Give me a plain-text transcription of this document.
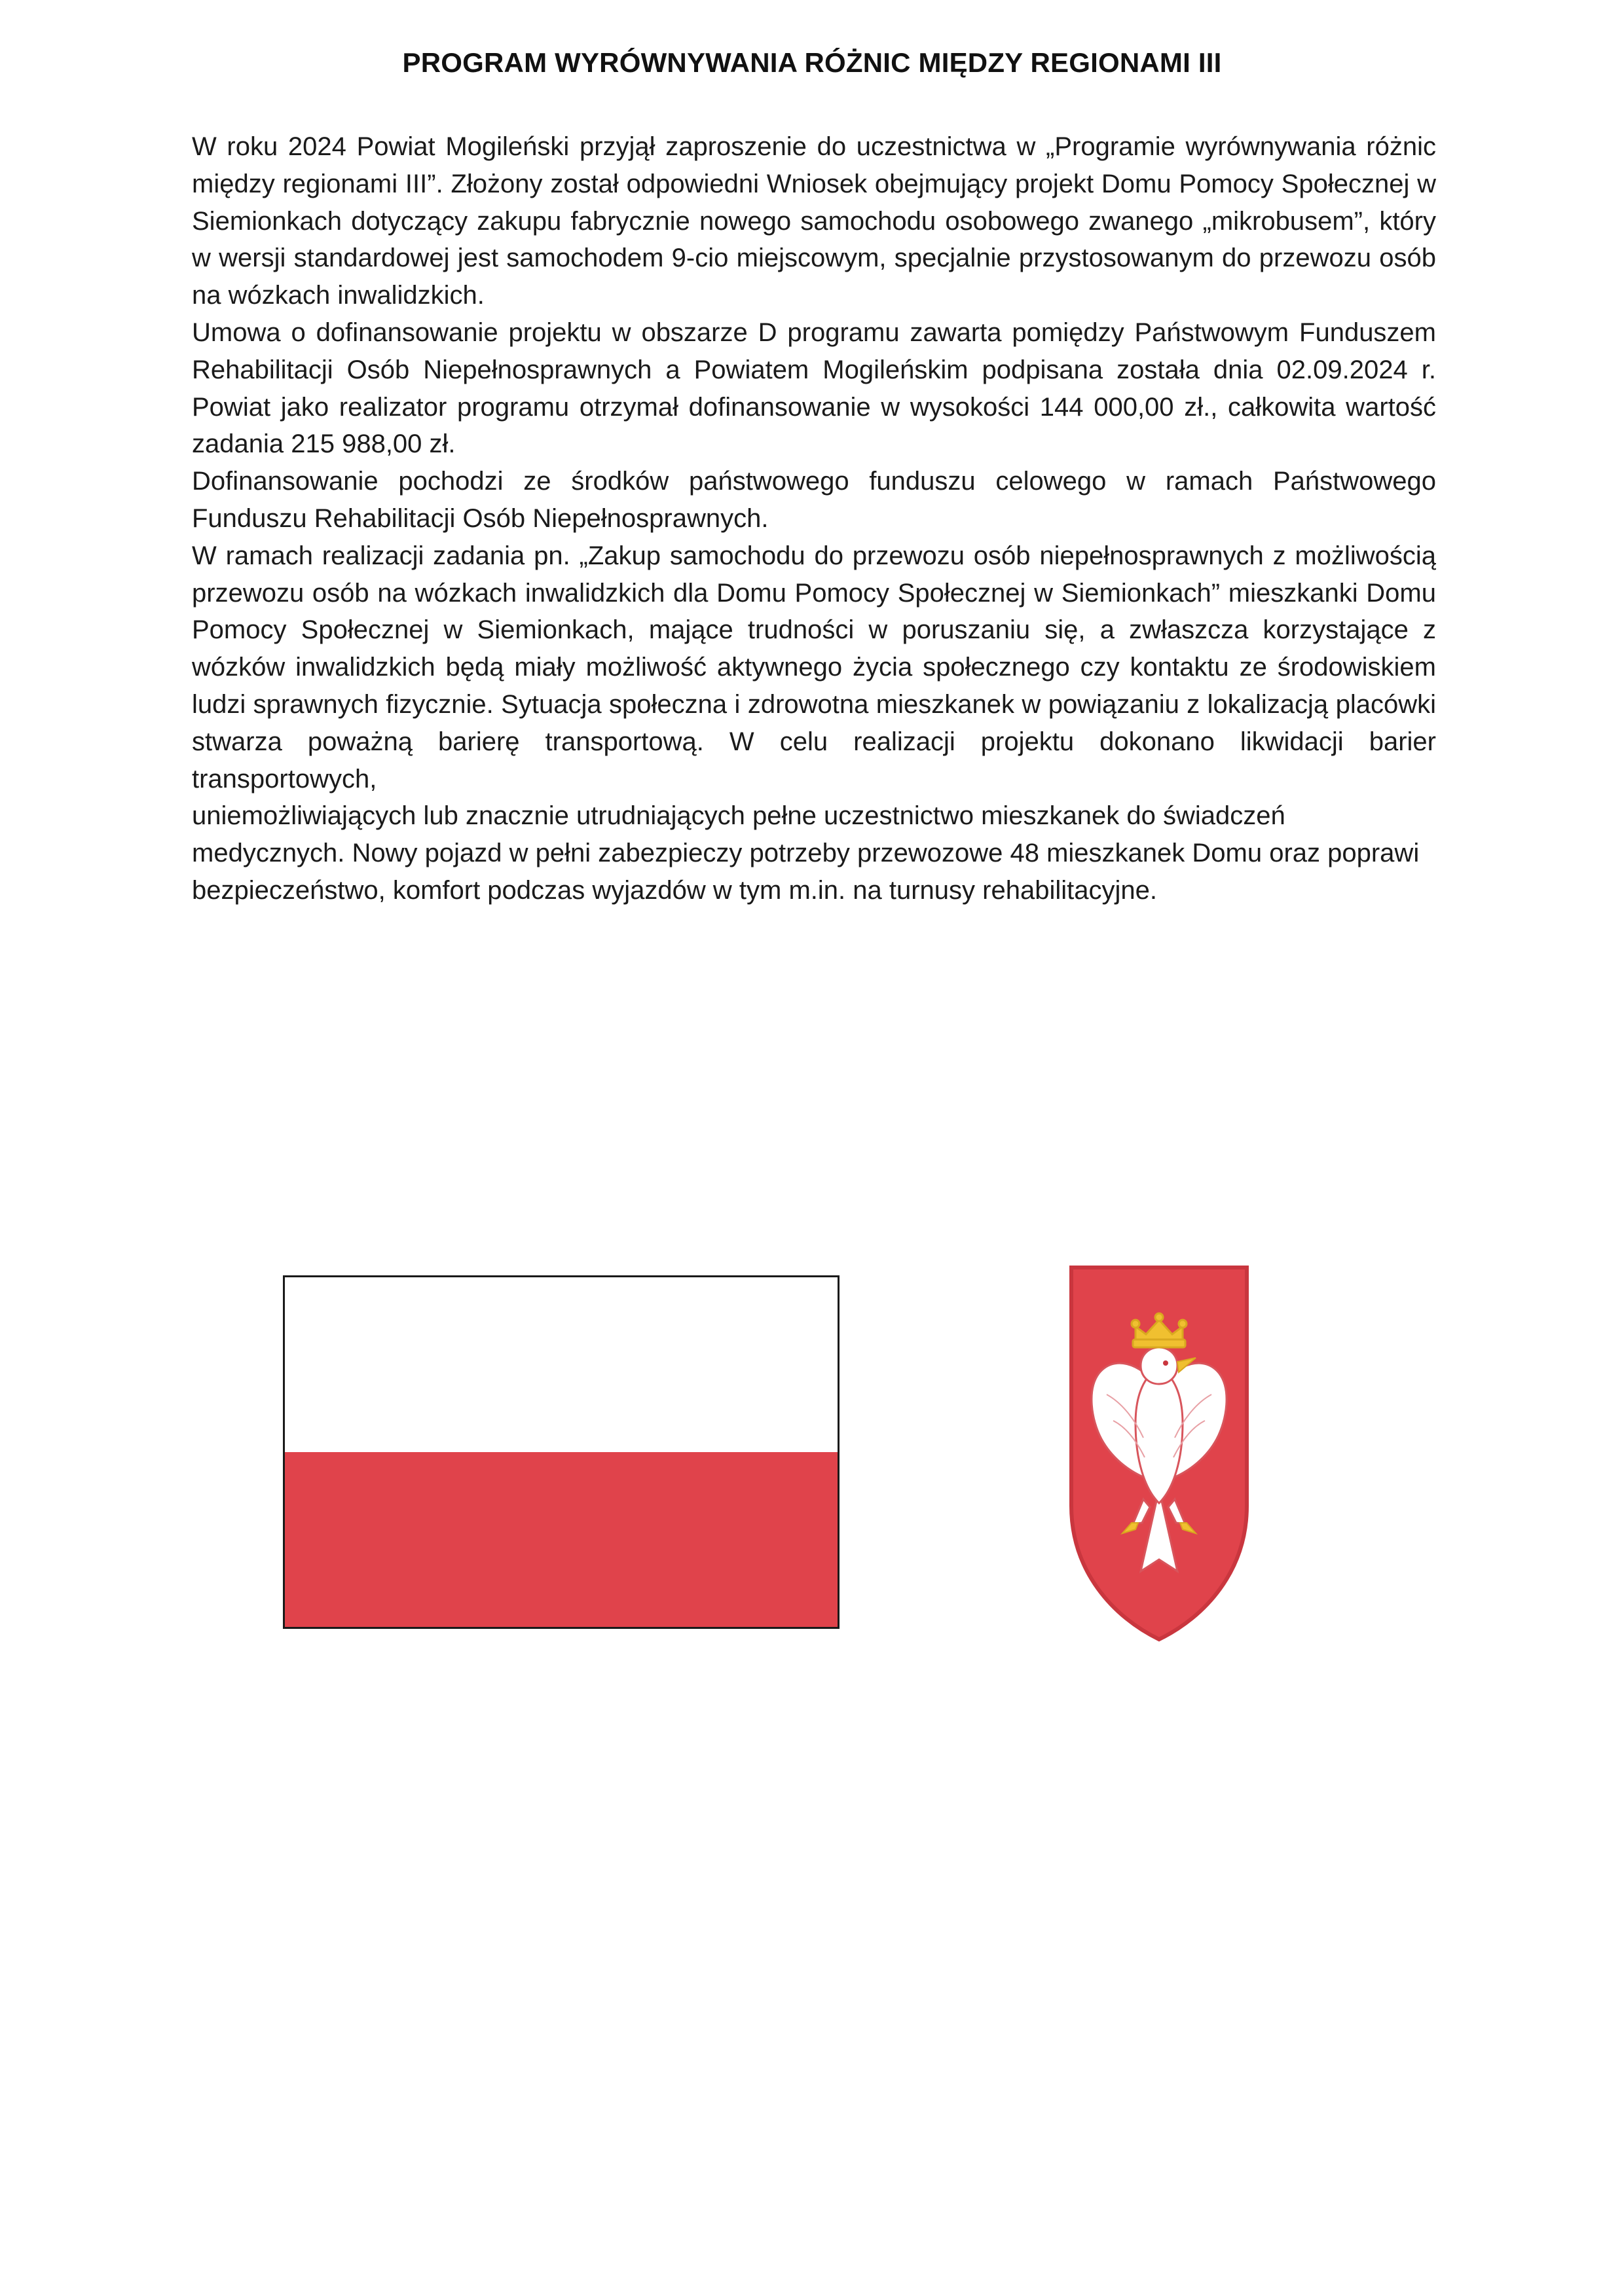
PROGRAM WYRÓWNYWANIA RÓŻNIC MIĘDZY REGIONAMI III

W roku 2024 Powiat Mogileński przyjął zaproszenie do uczestnictwa w „Programie wyrównywania różnic między regionami III”. Złożony został odpowiedni Wniosek obejmujący projekt Domu Pomocy Społecznej w Siemionkach dotyczący zakupu fabrycznie nowego samochodu osobowego zwanego „mikrobusem”, który w wersji standardowej jest samochodem 9-cio miejscowym, specjalnie przystosowanym do przewozu osób na wózkach inwalidzkich.

Umowa o dofinansowanie projektu w obszarze D programu zawarta pomiędzy Państwowym Funduszem Rehabilitacji Osób Niepełnosprawnych a Powiatem Mogileńskim podpisana została dnia 02.09.2024 r. Powiat jako realizator programu otrzymał dofinansowanie w wysokości 144 000,00 zł., całkowita wartość zadania 215 988,00 zł.

Dofinansowanie pochodzi ze środków państwowego funduszu celowego w ramach Państwowego Funduszu Rehabilitacji Osób Niepełnosprawnych.

W ramach realizacji zadania pn. „Zakup samochodu do przewozu osób niepełnosprawnych z możliwością przewozu osób na wózkach inwalidzkich dla Domu Pomocy Społecznej w Siemionkach” mieszkanki Domu Pomocy Społecznej w Siemionkach, mające trudności w poruszaniu się, a zwłaszcza korzystające z wózków inwalidzkich będą miały możliwość aktywnego życia społecznego czy kontaktu ze środowiskiem ludzi sprawnych fizycznie. Sytuacja społeczna i zdrowotna mieszkanek w powiązaniu z lokalizacją placówki stwarza poważną barierę transportową. W celu realizacji projektu dokonano likwidacji barier transportowych,

uniemożliwiających lub znacznie utrudniających pełne uczestnictwo mieszkanek do świadczeń medycznych. Nowy pojazd w pełni zabezpieczy potrzeby przewozowe 48 mieszkanek Domu oraz poprawi bezpieczeństwo, komfort podczas wyjazdów w tym m.in. na turnusy rehabilitacyjne.
